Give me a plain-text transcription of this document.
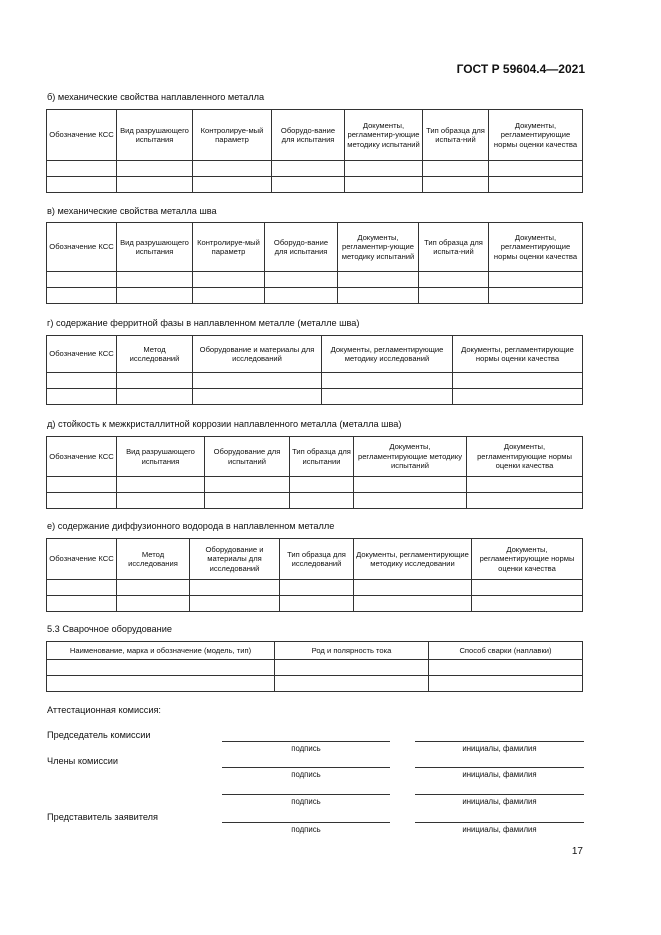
ГОСТ Р 59604.4—2021
б) механические свойства наплавленного металла
Обозначение КСС	Вид разрушающего испытания	Контролируе-мый параметр	Оборудо-вание для испытания	Документы, регламентир-ующие методику испытаний	Тип образца для испыта-ний	Документы, регламентирующие нормы оценки качества

в) механические свойства металла шва
Обозначение КСС	Вид разрушающего испытания	Контролируе-мый параметр	Оборудо-вание для испытания	Документы, регламентир-ующие методику испытаний	Тип образца для испыта-ний	Документы, регламентирующие нормы оценки качества

г) содержание ферритной фазы в наплавленном металле (металле шва)
Обозначение КСС	Метод исследований	Оборудование и материалы для исследований	Документы, регламентирующие методику исследований	Документы, регламентирующие нормы оценки качества

д) стойкость к межкристаллитной коррозии наплавленного металла (металла шва)
Обозначение КСС	Вид разрушающего испытания	Оборудование для испытаний	Тип образца для испытании	Документы, регламентирующие методику испытаний	Документы, регламентирующие нормы оценки качества

е) содержание диффузионного водорода в наплавленном металле
Обозначение КСС	Метод исследования	Оборудование и материалы для исследований	Тип образца для исследований	Документы, регламентирующие методику исследовании	Документы, регламентирующие нормы оценки качества

5.3 Сварочное оборудование
Наименование, марка и обозначение (модель, тип)	Род и полярность тока	Способ сварки (наплавки)

Аттестационная комиссия:
Председатель комиссии
подпись	инициалы, фамилия
Члены комиссии
подпись	инициалы, фамилия
подпись	инициалы, фамилия
Представитель заявителя
подпись	инициалы, фамилия
17
